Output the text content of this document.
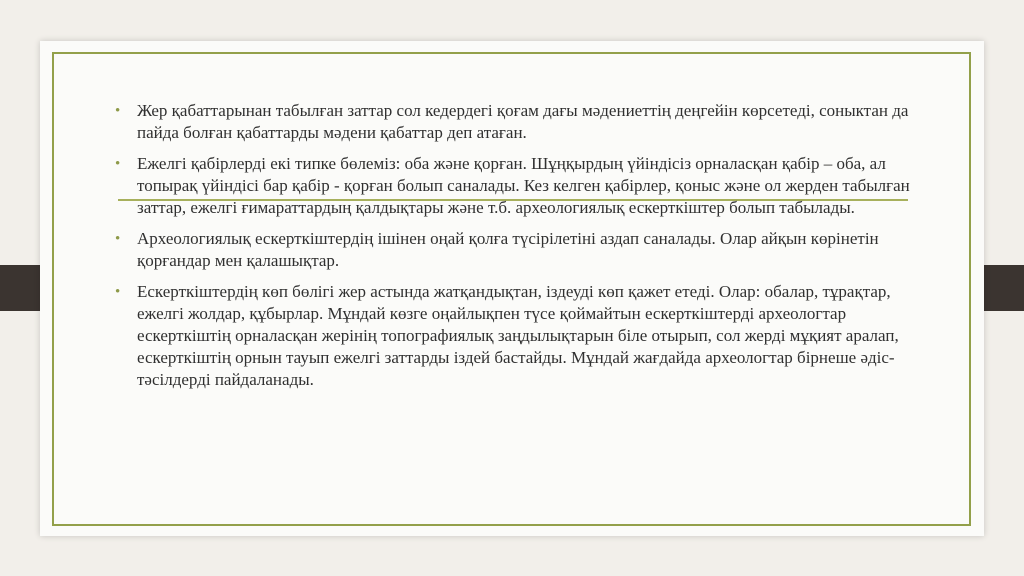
• Жер қабаттарынан табылған заттар сол кедердегі қоғам дағы мәдениеттің деңгейін көрсетеді, соныктан да пайда болған қабаттарды мәдени қабаттар деп атаған.
• Ежелгі қабірлерді екі типке бөлеміз: оба және қорған. Шұңқырдың үйіндісіз орналасқан қабір – оба, ал топырақ үйіндісі бар қабір - қорған болып саналады. Кез келген қабірлер, қоныс және ол жерден табылған заттар, ежелгі ғимараттардың қалдықтары және т.б. археологиялық ескерткіштер болып табылады.
• Археологиялық ескерткіштердің ішінен оңай қолға түсірілетіні аздап саналады. Олар айқын көрінетін қорғандар мен қалашықтар.
• Ескерткіштердің көп бөлігі жер астында жатқандықтан, іздеуді көп қажет етеді. Олар: обалар, тұрақтар, ежелгі жолдар, құбырлар. Мұндай көзге оңайлықпен түсе қоймайтын ескерткіштерді археологтар ескерткіштің орналасқан жерінің топографиялық заңдылықтарын біле отырып, сол жерді мұқият аралап, ескерткіштің орнын тауып ежелгі заттарды іздей бастайды. Мұндай жағдайда археологтар бірнеше әдіс-тәсілдерді пайдаланады.
